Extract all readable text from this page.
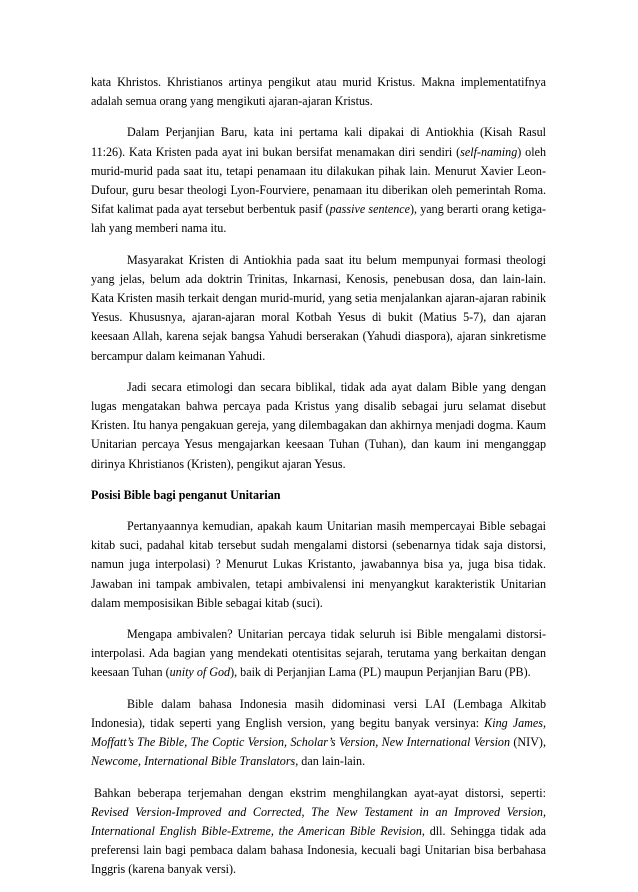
kata Khristos. Khristianos artinya pengikut atau murid Kristus. Makna implementatifnya adalah semua orang yang mengikuti ajaran-ajaran Kristus.

Dalam Perjanjian Baru, kata ini pertama kali dipakai di Antiokhia (Kisah Rasul 11:26). Kata Kristen pada ayat ini bukan bersifat menamakan diri sendiri (self-naming) oleh murid-murid pada saat itu, tetapi penamaan itu dilakukan pihak lain. Menurut Xavier Leon-Dufour, guru besar theologi Lyon-Fourviere, penamaan itu diberikan oleh pemerintah Roma. Sifat kalimat pada ayat tersebut berbentuk pasif (passive sentence), yang berarti orang ketiga-lah yang memberi nama itu.

Masyarakat Kristen di Antiokhia pada saat itu belum mempunyai formasi theologi yang jelas, belum ada doktrin Trinitas, Inkarnasi, Kenosis, penebusan dosa, dan lain-lain. Kata Kristen masih terkait dengan murid-murid, yang setia menjalankan ajaran-ajaran rabinik Yesus. Khususnya, ajaran-ajaran moral Kotbah Yesus di bukit (Matius 5-7), dan ajaran keesaan Allah, karena sejak bangsa Yahudi berserakan (Yahudi diaspora), ajaran sinkretisme bercampur dalam keimanan Yahudi.

Jadi secara etimologi dan secara biblikal, tidak ada ayat dalam Bible yang dengan lugas mengatakan bahwa percaya pada Kristus yang disalib sebagai juru selamat disebut Kristen. Itu hanya pengakuan gereja, yang dilembagakan dan akhirnya menjadi dogma. Kaum Unitarian percaya Yesus mengajarkan keesaan Tuhan (Tuhan), dan kaum ini menganggap dirinya Khristianos (Kristen), pengikut ajaran Yesus.

Posisi Bible bagi penganut Unitarian

Pertanyaannya kemudian, apakah kaum Unitarian masih mempercayai Bible sebagai kitab suci, padahal kitab tersebut sudah mengalami distorsi (sebenarnya tidak saja distorsi, namun juga interpolasi) ? Menurut Lukas Kristanto, jawabannya bisa ya, juga bisa tidak. Jawaban ini tampak ambivalen, tetapi ambivalensi ini menyangkut karakteristik Unitarian dalam memposisikan Bible sebagai kitab (suci).

Mengapa ambivalen? Unitarian percaya tidak seluruh isi Bible mengalami distorsi-interpolasi. Ada bagian yang mendekati otentisitas sejarah, terutama yang berkaitan dengan keesaan Tuhan (unity of God), baik di Perjanjian Lama (PL) maupun Perjanjian Baru (PB).

Bible dalam bahasa Indonesia masih didominasi versi LAI (Lembaga Alkitab Indonesia), tidak seperti yang English version, yang begitu banyak versinya: King James, Moffatt’s The Bible, The Coptic Version, Scholar’s Version, New International Version (NIV), Newcome, International Bible Translators, dan lain-lain.

Bahkan beberapa terjemahan dengan ekstrim menghilangkan ayat-ayat distorsi, seperti: Revised Version-Improved and Corrected, The New Testament in an Improved Version, International English Bible-Extreme, the American Bible Revision, dll. Sehingga tidak ada preferensi lain bagi pembaca dalam bahasa Indonesia, kecuali bagi Unitarian bisa berbahasa Inggris (karena banyak versi).
